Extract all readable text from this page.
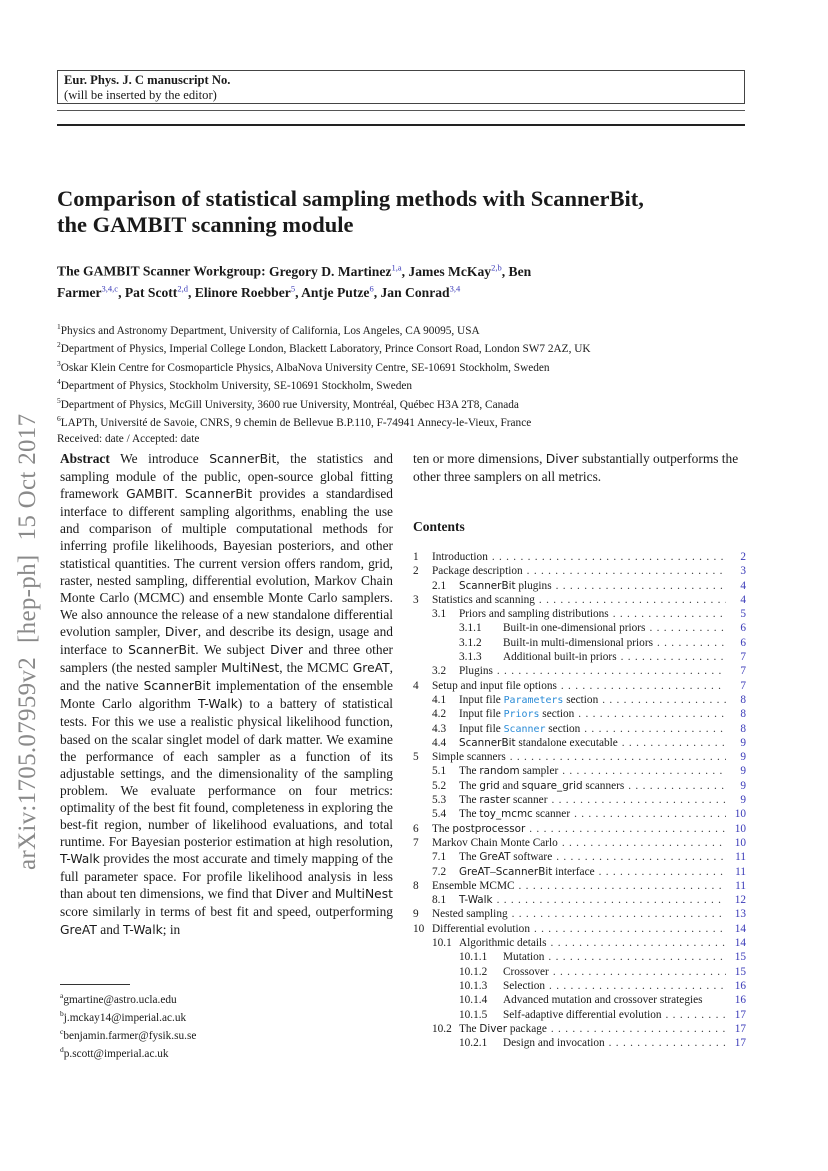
Eur. Phys. J. C manuscript No.
(will be inserted by the editor)
Comparison of statistical sampling methods with ScannerBit,
the GAMBIT scanning module
The GAMBIT Scanner Workgroup: Gregory D. Martinez$^{1,a}$, James McKay$^{2,b}$, Ben Farmer$^{3,4,c}$, Pat Scott$^{2,d}$, Elinore Roebber$^5$, Antje Putze$^6$, Jan Conrad$^{3,4}$
$^1$Physics and Astronomy Department, University of California, Los Angeles, CA 90095, USA
$^2$Department of Physics, Imperial College London, Blackett Laboratory, Prince Consort Road, London SW7 2AZ, UK
$^3$Oskar Klein Centre for Cosmoparticle Physics, AlbaNova University Centre, SE-10691 Stockholm, Sweden
$^4$Department of Physics, Stockholm University, SE-10691 Stockholm, Sweden
$^5$Department of Physics, McGill University, 3600 rue University, Montréal, Québec H3A 2T8, Canada
$^6$LAPTh, Université de Savoie, CNRS, 9 chemin de Bellevue B.P.110, F-74941 Annecy-le-Vieux, France
Received: date / Accepted: date
arXiv:1705.07959v2[hep-ph]15 Oct 2017 Abstract We introduce ScannerBit, the statistics and sampling module of the public, open-source global fitting framework GAMBIT. ScannerBit provides a standardised interface to different sampling algorithms, enabling the use and comparison of multiple computational methods for inferring profile likelihoods, Bayesian posteriors, and other statistical quantities. The current version offers random, grid, raster, nested sampling, differential evolution, Markov Chain Monte Carlo (MCMC) and ensemble Monte Carlo samplers. We also announce the release of a new standalone differential evolution sampler, Diver, and describe its design, usage and interface to ScannerBit. We subject Diver and three other samplers (the nested sampler MultiNest, the MCMC GreAT, and the native ScannerBit implementation of the ensemble Monte Carlo algorithm T-Walk) to a battery of statistical tests. For this we use a realistic physical likelihood function, based on the scalar singlet model of dark matter. We examine the performance of each sampler as a function of its adjustable settings, and the dimensionality of the sampling problem. We evaluate performance on four metrics: optimality of the best fit found, completeness in exploring the best-fit region, number of likelihood evaluations, and total runtime. For Bayesian posterior estimation at high resolution, T-Walk provides the most accurate and timely mapping of the full parameter space. For profile likelihood analysis in less than about ten dimensions, we find that Diver and MultiNest score similarly in terms of best fit and speed, outperforming GreAT and T-Walk; in
ten or more dimensions, Diver substantially outperforms the other three samplers on all metrics.
Contents
1	Introduction . . .	2
2	Package description . . .	3
2.1	ScannerBit plugins . . .	4
3	Statistics and scanning . . .	4
3.1	Priors and sampling distributions . . .	5
3.1.1	Built-in one-dimensional priors . . .	6
3.1.2	Built-in multi-dimensional priors . . .	6
3.1.3	Additional built-in priors . . .	7
3.2	Plugins . . .	7
4	Setup and input file options . . .	7
4.1	Input file Parameters section . . .	8
4.2	Input file Priors section . . .	8
4.3	Input file Scanner section . . .	8
4.4	ScannerBit standalone executable . . .	9
5	Simple scanners . . .	9
5.1	The random sampler . . .	9
5.2	The grid and square_grid scanners . . .	9
5.3	The raster scanner . . .	9
5.4	The toy_mcmc scanner . . .	10
6	The postprocessor . . .	10
7	Markov Chain Monte Carlo . . .	10
7.1	The GreAT software . . .	11
7.2	GreAT–ScannerBit interface . . .	11
8	Ensemble MCMC . . .	11
8.1	T-Walk . . .	12
9	Nested sampling . . .	13
10 Differential evolution . . .	14
10.1 Algorithmic details . . .	14
10.1.1	Mutation . . .	15
10.1.2	Crossover . . .	15
10.1.3	Selection . . .	16
10.1.4	Advanced mutation and crossover strategies	16
10.1.5	Self-adaptive differential evolution . . .	17
10.2 The Diver package . . .	17
10.2.1	Design and invocation . . .	17
$^a$gmartine@astro.ucla.edu
$^b$j.mckay14@imperial.ac.uk
$^c$benjamin.farmer@fysik.su.se
$^d$p.scott@imperial.ac.uk
